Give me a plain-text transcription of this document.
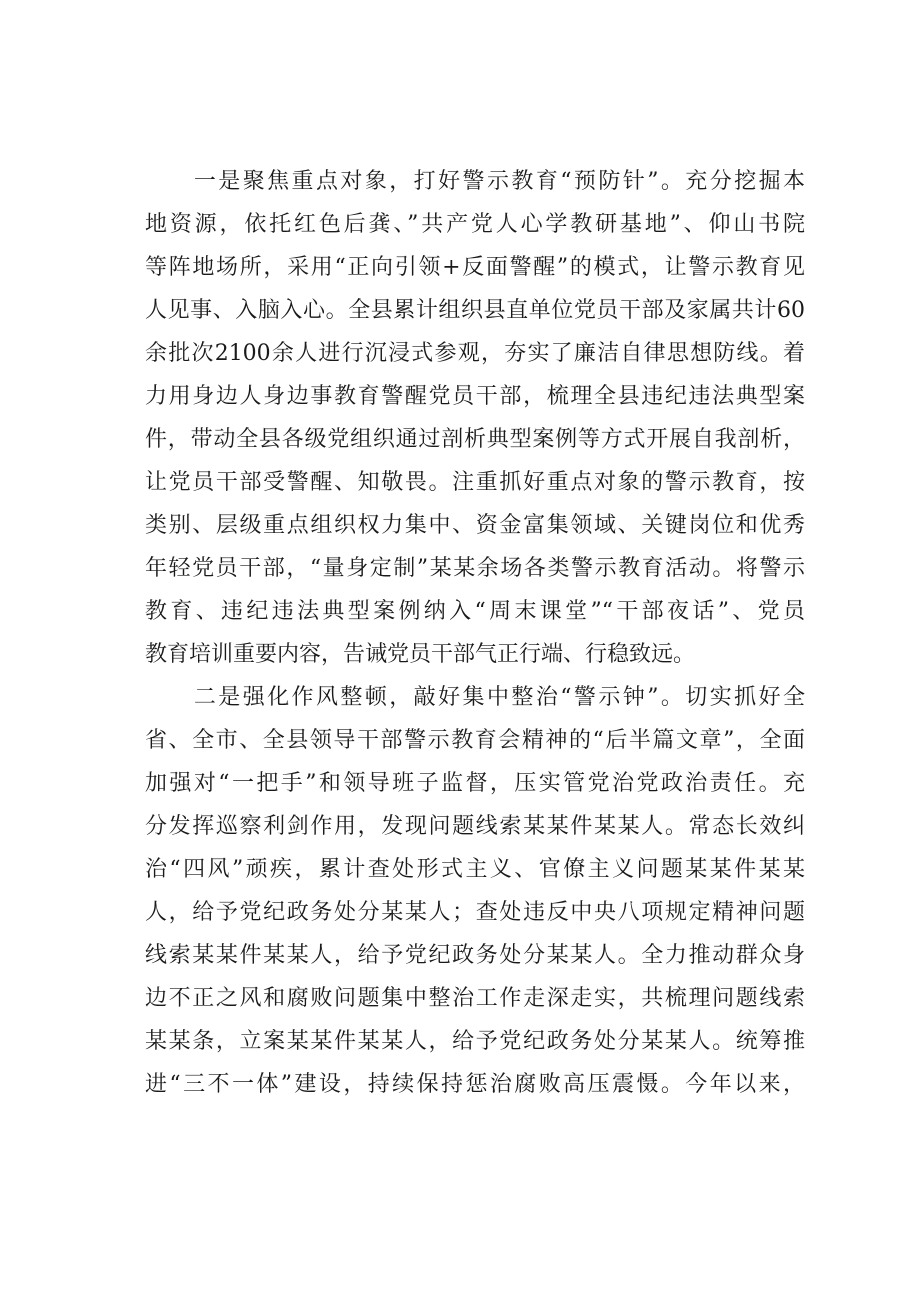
　　一是聚焦重点对象，打好警示教育“预防针”。充分挖掘本
地资源，依托红色后龚、”共产党人心学教研基地”、仰山书院
等阵地场所，采用“正向引领+反面警醒”的模式，让警示教育见
人见事、入脑入心。全县累计组织县直单位党员干部及家属共计60
余批次2100余人进行沉浸式参观，夯实了廉洁自律思想防线。着
力用身边人身边事教育警醒党员干部，梳理全县违纪违法典型案
件，带动全县各级党组织通过剖析典型案例等方式开展自我剖析，
让党员干部受警醒、知敬畏。注重抓好重点对象的警示教育，按
类别、层级重点组织权力集中、资金富集领域、关键岗位和优秀
年轻党员干部，“量身定制”某某余场各类警示教育活动。将警示
教育、违纪违法典型案例纳入“周末课堂”“干部夜话”、党员
教育培训重要内容，告诫党员干部气正行端、行稳致远。
　　二是强化作风整顿，敲好集中整治“警示钟”。切实抓好全
省、全市、全县领导干部警示教育会精神的“后半篇文章”，全面
加强对“一把手”和领导班子监督，压实管党治党政治责任。充
分发挥巡察利剑作用，发现问题线索某某件某某人。常态长效纠
治“四风”顽疾，累计查处形式主义、官僚主义问题某某件某某
人，给予党纪政务处分某某人；查处违反中央八项规定精神问题
线索某某件某某人，给予党纪政务处分某某人。全力推动群众身
边不正之风和腐败问题集中整治工作走深走实，共梳理问题线索
某某条，立案某某件某某人，给予党纪政务处分某某人。统筹推
进“三不一体”建设，持续保持惩治腐败高压震慑。今年以来，
